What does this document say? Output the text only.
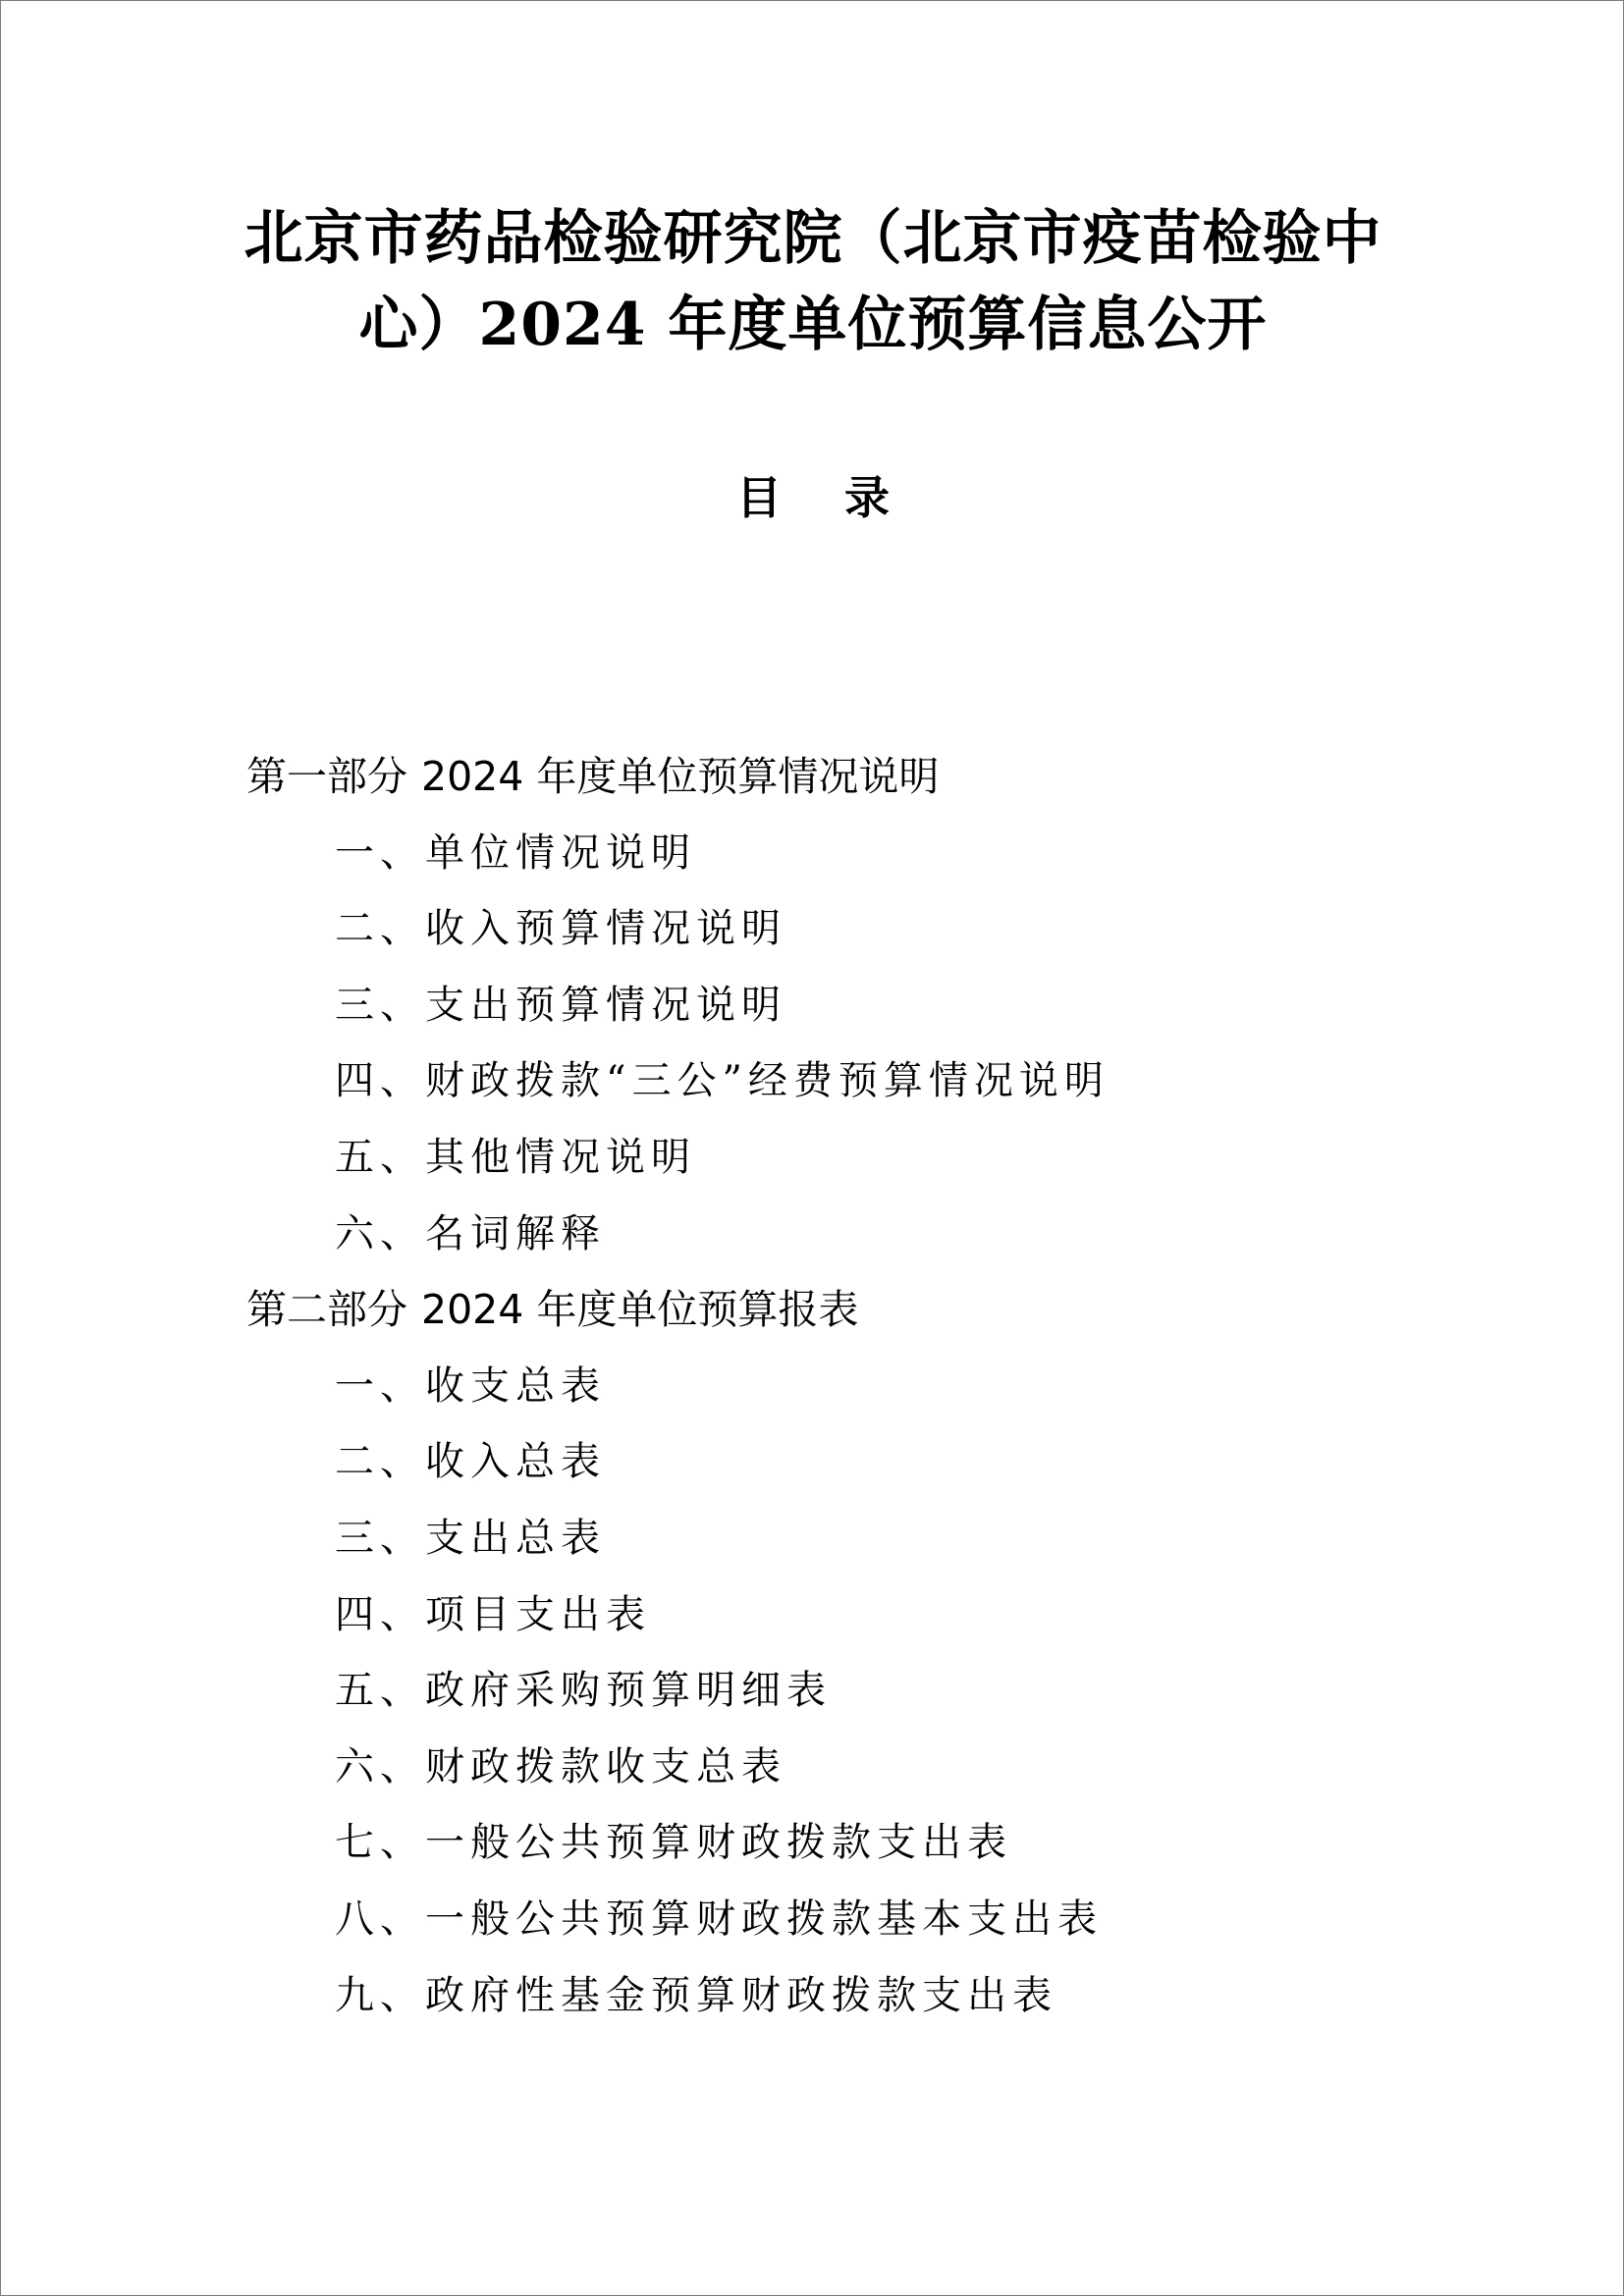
北京市药品检验研究院（北京市疫苗检验中
心）2024 年度单位预算信息公开
目 录
第一部分 2024 年度单位预算情况说明
一、单位情况说明
二、收入预算情况说明
三、支出预算情况说明
四、财政拨款“三公”经费预算情况说明
五、其他情况说明
六、名词解释
第二部分 2024 年度单位预算报表
一、收支总表
二、收入总表
三、支出总表
四、项目支出表
五、政府采购预算明细表
六、财政拨款收支总表
七、一般公共预算财政拨款支出表
八、一般公共预算财政拨款基本支出表
九、政府性基金预算财政拨款支出表
